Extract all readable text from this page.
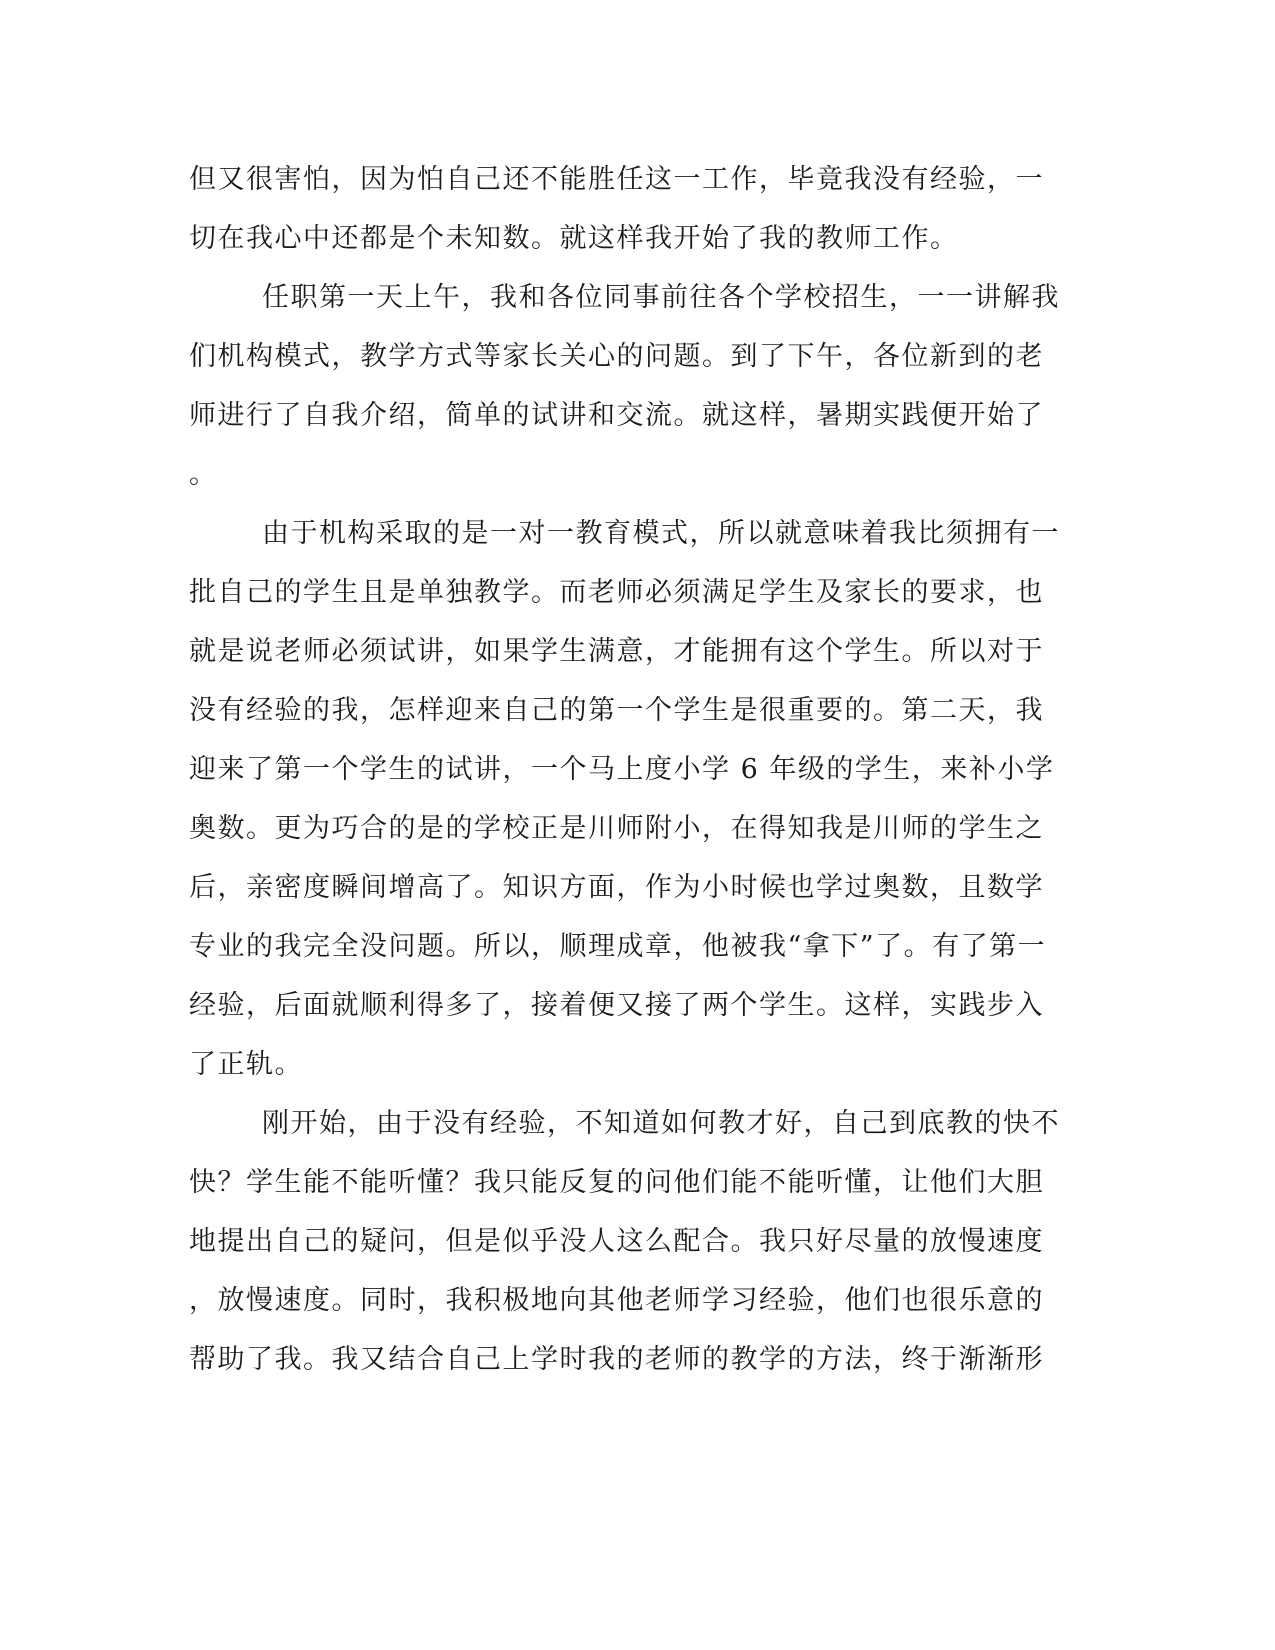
但又很害怕，因为怕自己还不能胜任这一工作，毕竟我没有经验，一
切在我心中还都是个未知数。就这样我开始了我的教师工作。
任职第一天上午，我和各位同事前往各个学校招生，一一讲解我
们机构模式，教学方式等家长关心的问题。到了下午，各位新到的老
师进行了自我介绍，简单的试讲和交流。就这样，暑期实践便开始了
。
由于机构采取的是一对一教育模式，所以就意味着我比须拥有一
批自己的学生且是单独教学。而老师必须满足学生及家长的要求，也
就是说老师必须试讲，如果学生满意，才能拥有这个学生。所以对于
没有经验的我，怎样迎来自己的第一个学生是很重要的。第二天，我
迎来了第一个学生的试讲，一个马上度小学 6 年级的学生，来补小学
奥数。更为巧合的是的学校正是川师附小，在得知我是川师的学生之
后，亲密度瞬间增高了。知识方面，作为小时候也学过奥数，且数学
专业的我完全没问题。所以，顺理成章，他被我“拿下”了。有了第一
经验，后面就顺利得多了，接着便又接了两个学生。这样，实践步入
了正轨。
刚开始，由于没有经验，不知道如何教才好，自己到底教的快不
快？学生能不能听懂？我只能反复的问他们能不能听懂，让他们大胆
地提出自己的疑问，但是似乎没人这么配合。我只好尽量的放慢速度
，放慢速度。同时，我积极地向其他老师学习经验，他们也很乐意的
帮助了我。我又结合自己上学时我的老师的教学的方法，终于渐渐形
